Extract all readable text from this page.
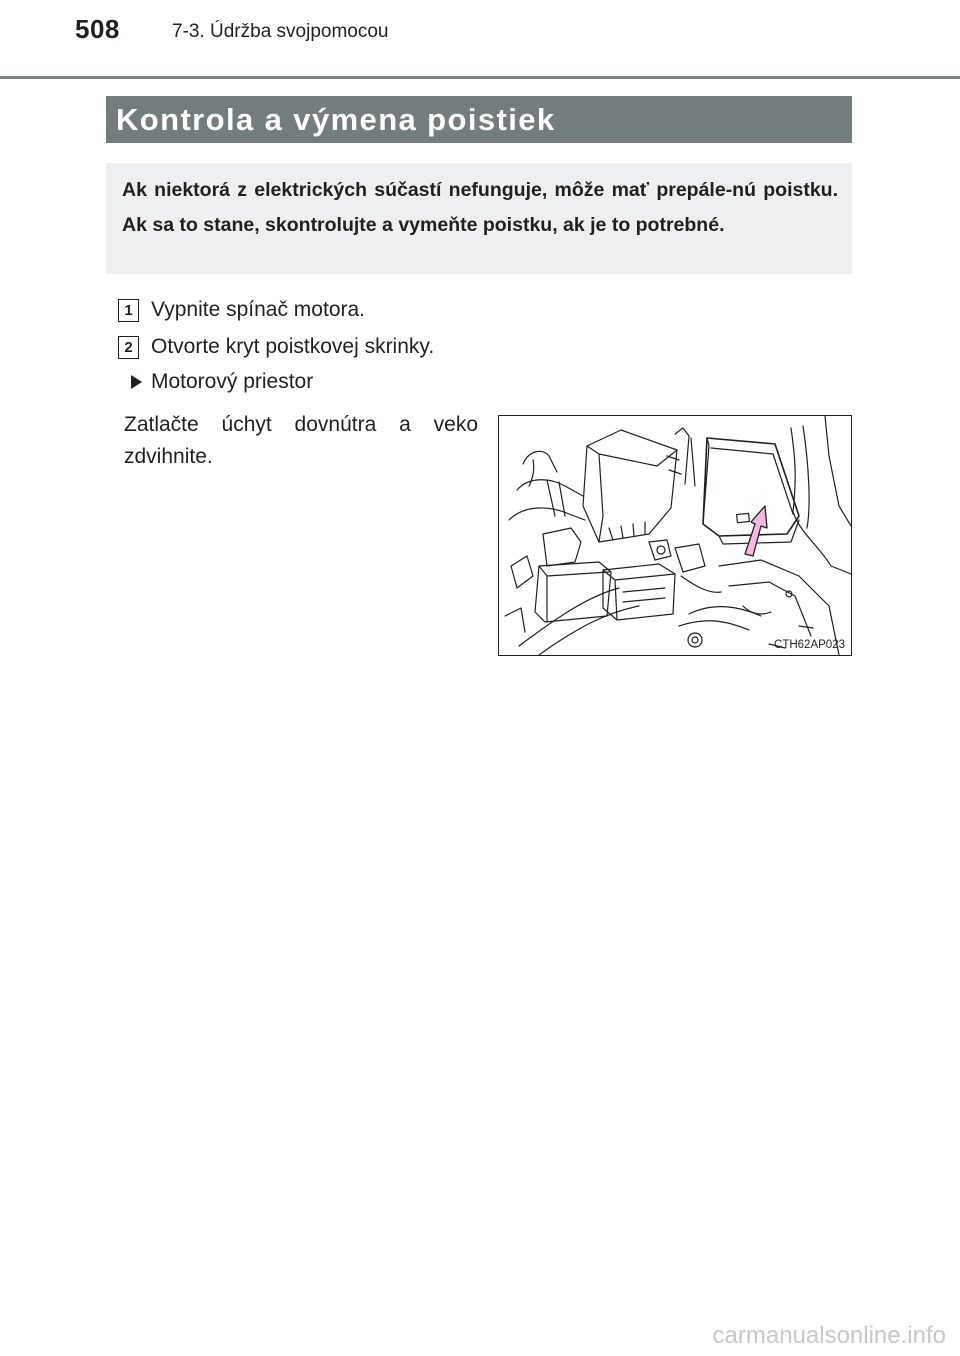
508	7-3. Údržba svojpomocou
Kontrola a výmena poistiek
Ak niektorá z elektrických súčastí nefunguje, môže mať prepále-nú poistku. Ak sa to stane, skontrolujte a vymeňte poistku, ak je to potrebné.
1 Vypnite spínač motora.
2 Otvorte kryt poistkovej skrinky.
Motorový priestor
Zatlačte úchyt dovnútra a veko zdvihnite.
CTH62AP023
carmanualsonline.info
